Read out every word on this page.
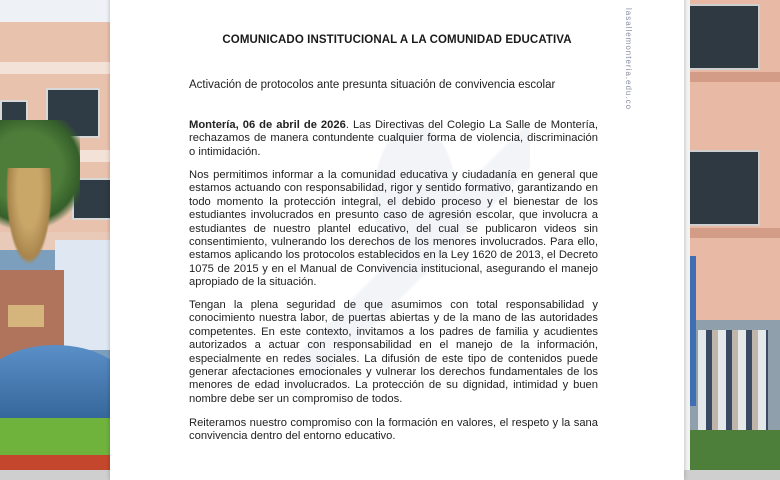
lasallemonteria.edu.co
COMUNICADO INSTITUCIONAL A LA COMUNIDAD EDUCATIVA
Activación de protocolos ante presunta situación de convivencia escolar

Montería, 06 de abril de 2026. Las Directivas del Colegio La Salle de Montería, rechazamos de manera contundente cualquier forma de violencia, discriminación o intimidación.

Nos permitimos informar a la comunidad educativa y ciudadanía en general que estamos actuando con responsabilidad, rigor y sentido formativo, garantizando en todo momento la protección integral, el debido proceso y el bienestar de los estudiantes involucrados en presunto caso de agresión escolar, que involucra a estudiantes de nuestro plantel educativo, del cual se publicaron videos sin consentimiento, vulnerando los derechos de los menores involucrados. Para ello, estamos aplicando los protocolos establecidos en la Ley 1620 de 2013, el Decreto 1075 de 2015 y en el Manual de Convivencia institucional, asegurando el manejo apropiado de la situación.

Tengan la plena seguridad de que asumimos con total responsabilidad y conocimiento nuestra labor, de puertas abiertas y de la mano de las autoridades competentes. En este contexto, invitamos a los padres de familia y acudientes autorizados a actuar con responsabilidad en el manejo de la información, especialmente en redes sociales. La difusión de este tipo de contenidos puede generar afectaciones emocionales y vulnerar los derechos fundamentales de los menores de edad involucrados. La protección de su dignidad, intimidad y buen nombre debe ser un compromiso de todos.

Reiteramos nuestro compromiso con la formación en valores, el respeto y la sana convivencia dentro del entorno educativo.
